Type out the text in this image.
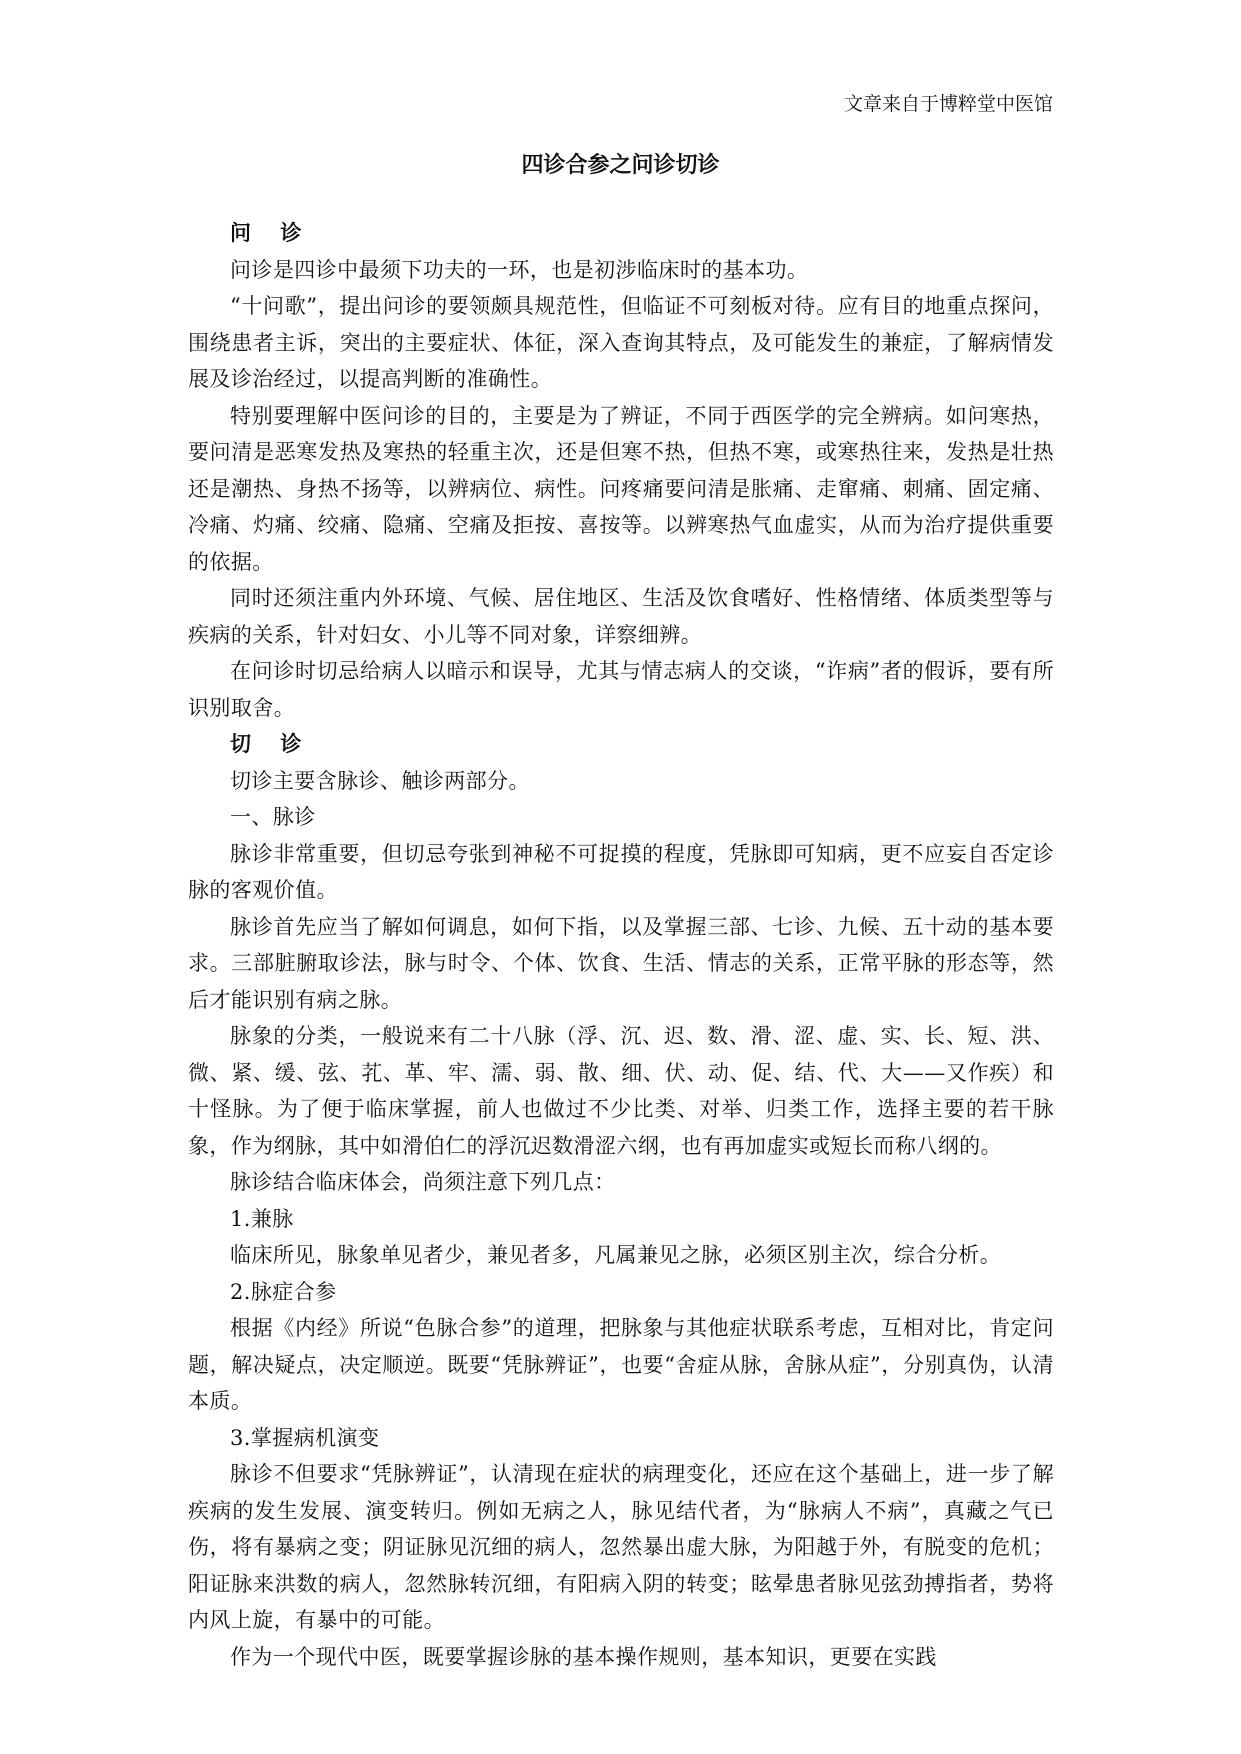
文章来自于博粹堂中医馆
四诊合参之问诊切诊
问诊

问诊是四诊中最须下功夫的一环，也是初涉临床时的基本功。

“十问歌”，提出问诊的要领颇具规范性，但临证不可刻板对待。应有目的地重点探问，围绕患者主诉，突出的主要症状、体征，深入查询其特点，及可能发生的兼症，了解病情发展及诊治经过，以提高判断的准确性。

特别要理解中医问诊的目的，主要是为了辨证，不同于西医学的完全辨病。如问寒热，要问清是恶寒发热及寒热的轻重主次，还是但寒不热，但热不寒，或寒热往来，发热是壮热还是潮热、身热不扬等，以辨病位、病性。问疼痛要问清是胀痛、走窜痛、刺痛、固定痛、冷痛、灼痛、绞痛、隐痛、空痛及拒按、喜按等。以辨寒热气血虚实，从而为治疗提供重要的依据。

同时还须注重内外环境、气候、居住地区、生活及饮食嗜好、性格情绪、体质类型等与疾病的关系，针对妇女、小儿等不同对象，详察细辨。

在问诊时切忌给病人以暗示和误导，尤其与情志病人的交谈，“诈病”者的假诉，要有所识别取舍。

切诊

切诊主要含脉诊、触诊两部分。

一、脉诊

脉诊非常重要，但切忌夸张到神秘不可捉摸的程度，凭脉即可知病，更不应妄自否定诊脉的客观价值。

脉诊首先应当了解如何调息，如何下指，以及掌握三部、七诊、九候、五十动的基本要求。三部脏腑取诊法，脉与时令、个体、饮食、生活、情志的关系，正常平脉的形态等，然后才能识别有病之脉。

脉象的分类，一般说来有二十八脉（浮、沉、迟、数、滑、涩、虚、实、长、短、洪、微、紧、缓、弦、芤、革、牢、濡、弱、散、细、伏、动、促、结、代、大——又作疾）和十怪脉。为了便于临床掌握，前人也做过不少比类、对举、归类工作，选择主要的若干脉象，作为纲脉，其中如滑伯仁的浮沉迟数滑涩六纲，也有再加虚实或短长而称八纲的。

脉诊结合临床体会，尚须注意下列几点：

1.兼脉

临床所见，脉象单见者少，兼见者多，凡属兼见之脉，必须区别主次，综合分析。

2.脉症合参

根据《内经》所说“色脉合参”的道理，把脉象与其他症状联系考虑，互相对比，肯定问题，解决疑点，决定顺逆。既要“凭脉辨证”，也要“舍症从脉，舍脉从症”，分别真伪，认清本质。

3.掌握病机演变

脉诊不但要求“凭脉辨证”，认清现在症状的病理变化，还应在这个基础上，进一步了解疾病的发生发展、演变转归。例如无病之人，脉见结代者，为“脉病人不病”，真藏之气已伤，将有暴病之变；阴证脉见沉细的病人，忽然暴出虚大脉，为阳越于外，有脱变的危机；阳证脉来洪数的病人，忽然脉转沉细，有阳病入阴的转变；眩晕患者脉见弦劲搏指者，势将内风上旋，有暴中的可能。

作为一个现代中医，既要掌握诊脉的基本操作规则，基本知识，更要在实践
